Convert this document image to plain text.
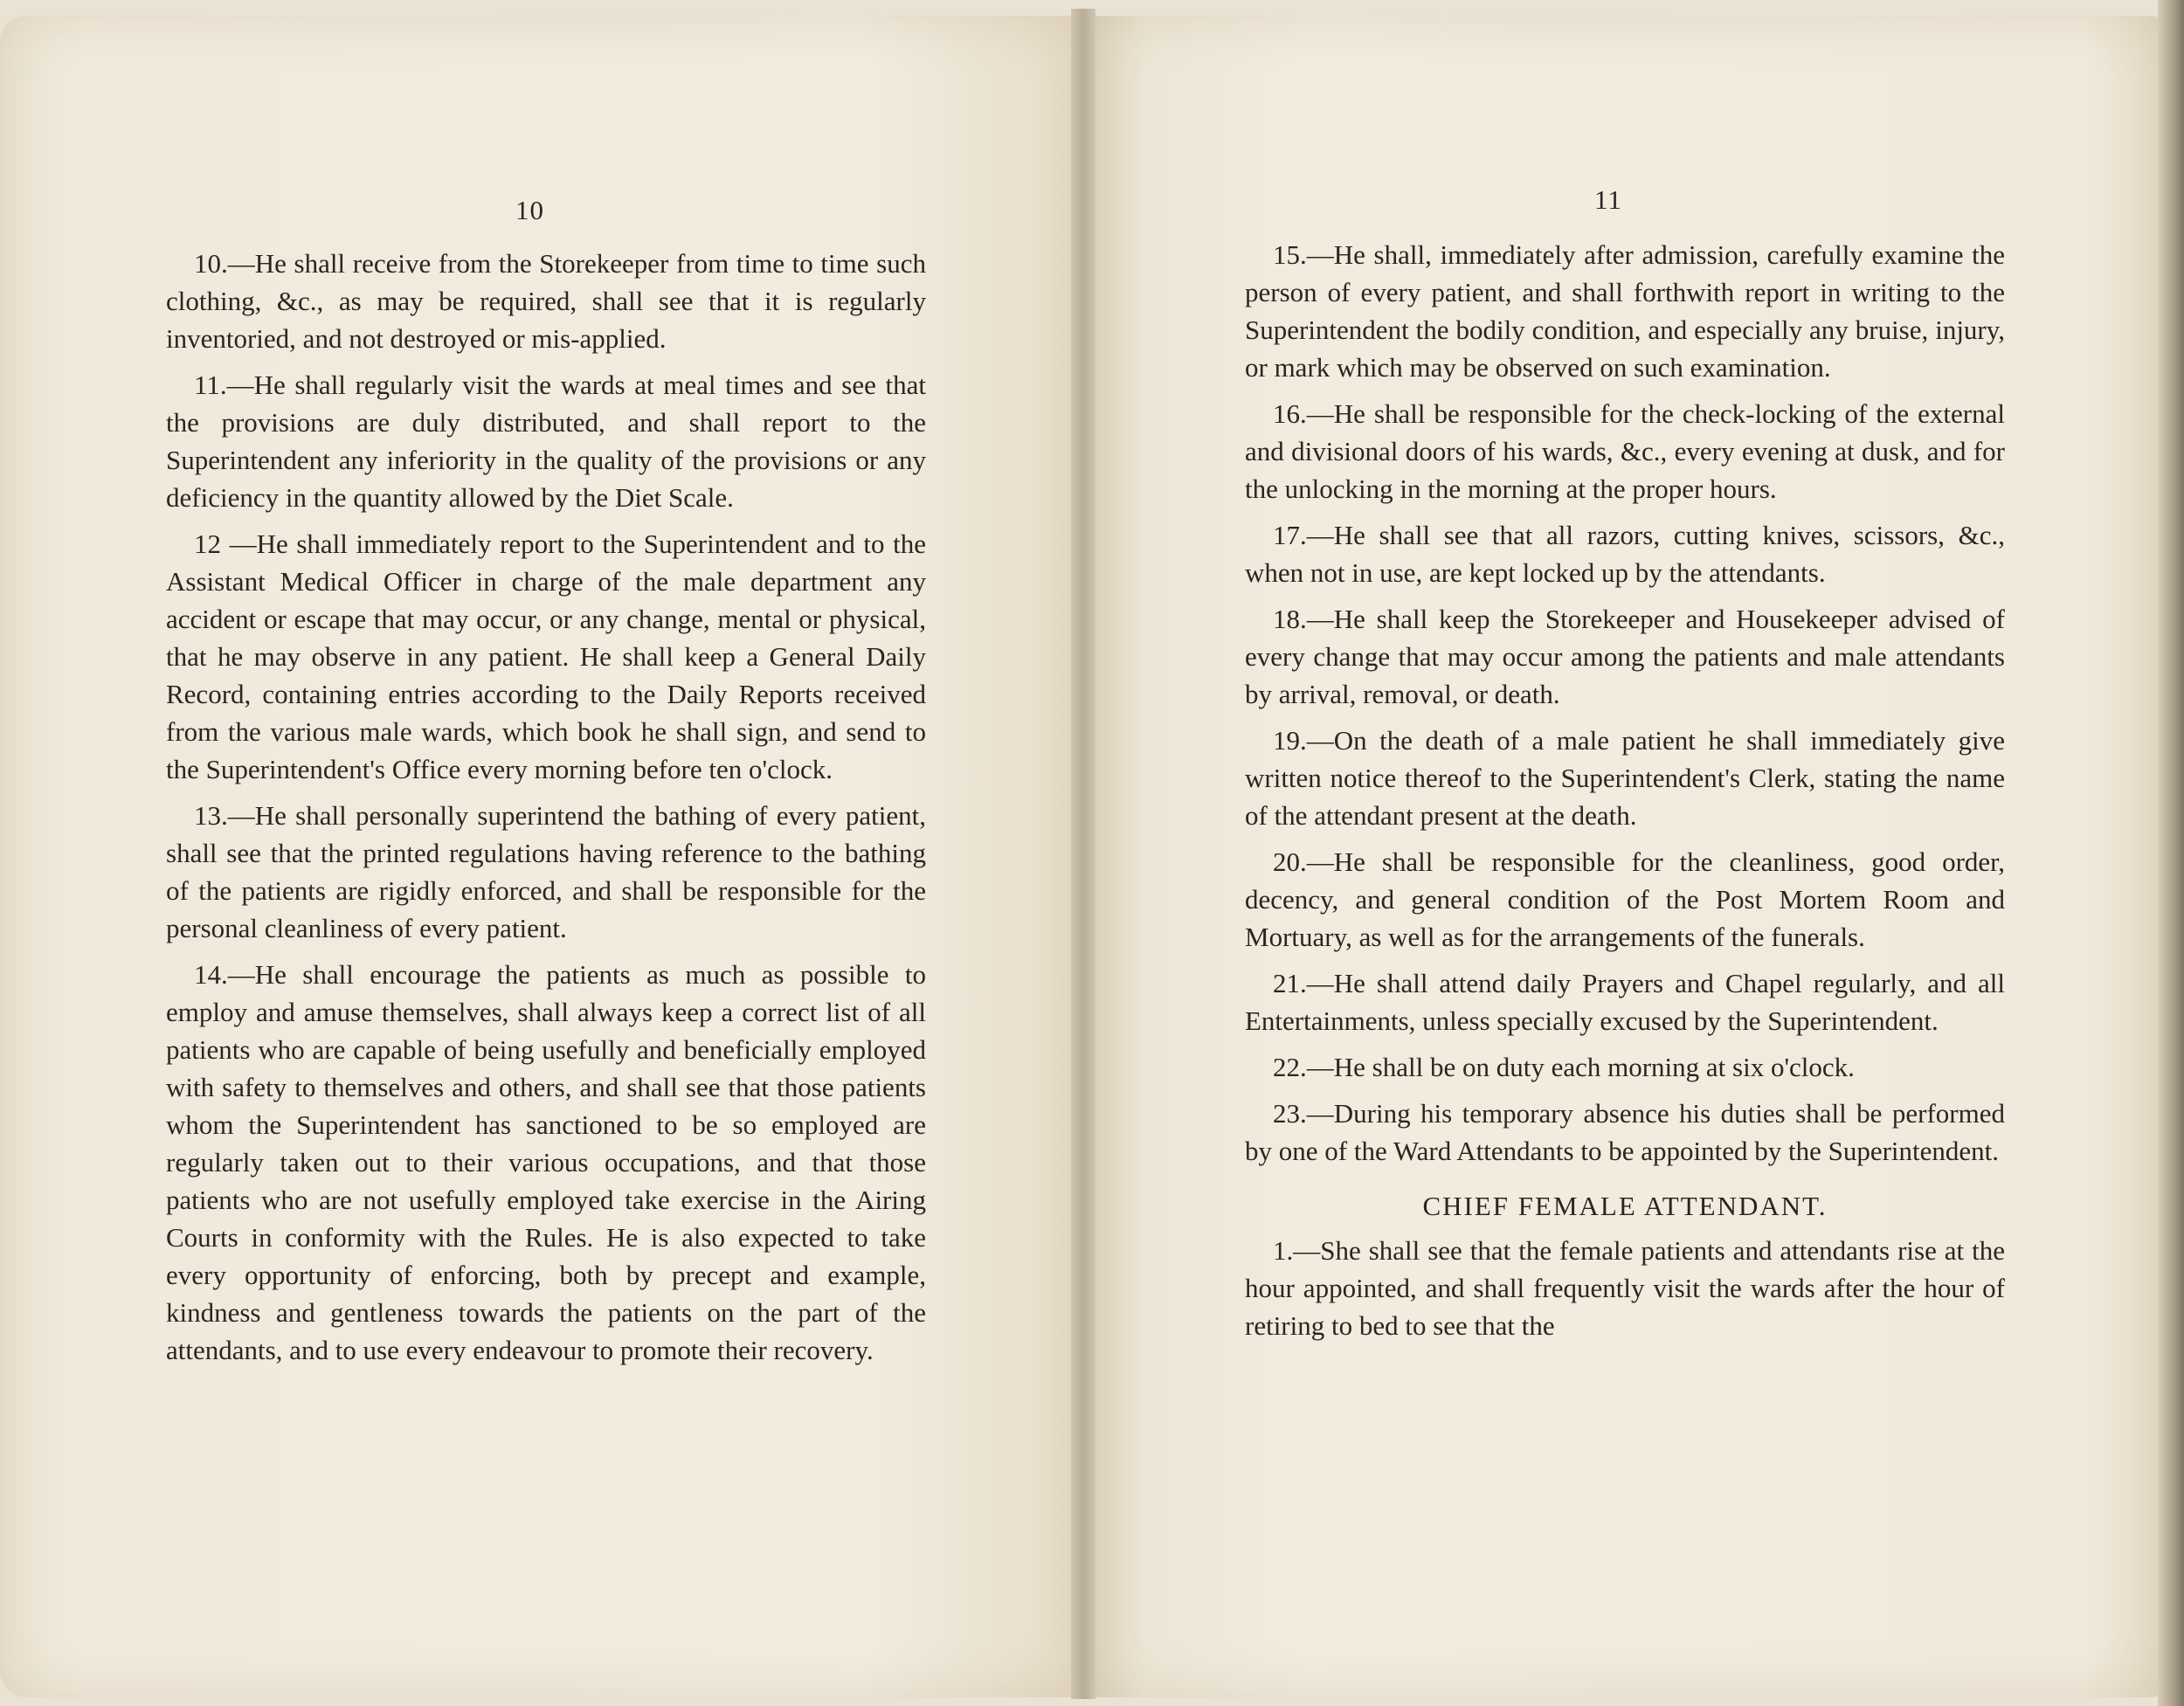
10

10.—He shall receive from the Storekeeper from time to time such clothing, &c., as may be required, shall see that it is regularly inventoried, and not destroyed or mis-applied.

11.—He shall regularly visit the wards at meal times and see that the provisions are duly distributed, and shall report to the Superintendent any inferiority in the quality of the provisions or any deficiency in the quantity allowed by the Diet Scale.

12 —He shall immediately report to the Superintendent and to the Assistant Medical Officer in charge of the male department any accident or escape that may occur, or any change, mental or physical, that he may observe in any patient. He shall keep a General Daily Record, containing entries according to the Daily Reports received from the various male wards, which book he shall sign, and send to the Superintendent's Office every morning before ten o'clock.

13.—He shall personally superintend the bathing of every patient, shall see that the printed regulations having reference to the bathing of the patients are rigidly enforced, and shall be responsible for the personal cleanliness of every patient.

14.—He shall encourage the patients as much as possible to employ and amuse themselves, shall always keep a correct list of all patients who are capable of being usefully and beneficially employed with safety to themselves and others, and shall see that those patients whom the Superintendent has sanctioned to be so employed are regularly taken out to their various occupations, and that those patients who are not usefully employed take exercise in the Airing Courts in conformity with the Rules. He is also expected to take every opportunity of enforcing, both by precept and example, kindness and gentleness towards the patients on the part of the attendants, and to use every endeavour to promote their recovery.

11

15.—He shall, immediately after admission, carefully examine the person of every patient, and shall forthwith report in writing to the Superintendent the bodily condition, and especially any bruise, injury, or mark which may be observed on such examination.

16.—He shall be responsible for the check-locking of the external and divisional doors of his wards, &c., every evening at dusk, and for the unlocking in the morning at the proper hours.

17.—He shall see that all razors, cutting knives, scissors, &c., when not in use, are kept locked up by the attendants.

18.—He shall keep the Storekeeper and Housekeeper advised of every change that may occur among the patients and male attendants by arrival, removal, or death.

19.—On the death of a male patient he shall immediately give written notice thereof to the Superintendent's Clerk, stating the name of the attendant present at the death.

20.—He shall be responsible for the cleanliness, good order, decency, and general condition of the Post Mortem Room and Mortuary, as well as for the arrangements of the funerals.

21.—He shall attend daily Prayers and Chapel regularly, and all Entertainments, unless specially excused by the Superintendent.

22.—He shall be on duty each morning at six o'clock.

23.—During his temporary absence his duties shall be performed by one of the Ward Attendants to be appointed by the Superintendent.

CHIEF FEMALE ATTENDANT.

1.—She shall see that the female patients and attendants rise at the hour appointed, and shall frequently visit the wards after the hour of retiring to bed to see that the
